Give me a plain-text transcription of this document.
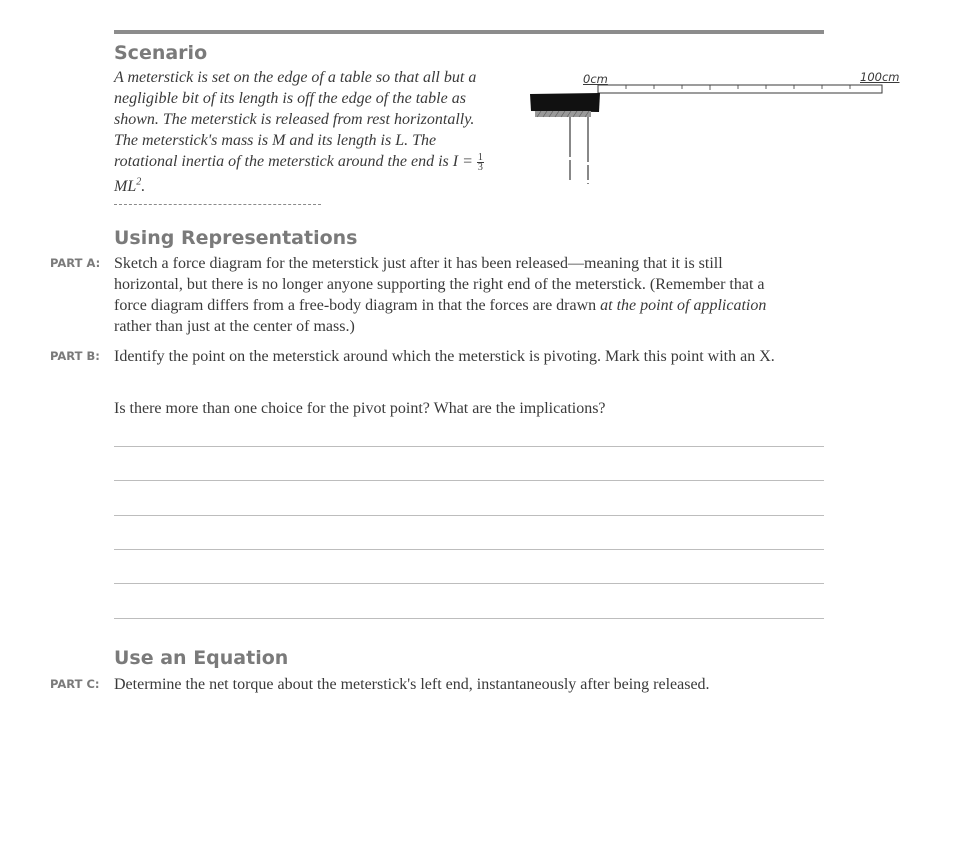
Scenario

A meterstick is set on the edge of a table so that all but a negligible bit of its length is off the edge of the table as shown. The meterstick is released from rest horizontally. The meterstick's mass is M and its length is L. The rotational inertia of the meterstick around the end is $I = \frac{1}{3}$
$ML^2$.

0cm	100cm
Using Representations
PART A: Sketch a force diagram for the meterstick just after it has been released—meaning that it is still horizontal, but there is no longer anyone supporting the right end of the meterstick. (Remember that a force diagram differs from a free-body diagram in that the forces are drawn at the point of application rather than just at the center of mass.)

PART B: Identify the point on the meterstick around which the meterstick is pivoting. Mark this point with an X.

Is there more than one choice for the pivot point? What are the implications?

Use an Equation
PART C: Determine the net torque about the meterstick's left end, instantaneously after being released.
